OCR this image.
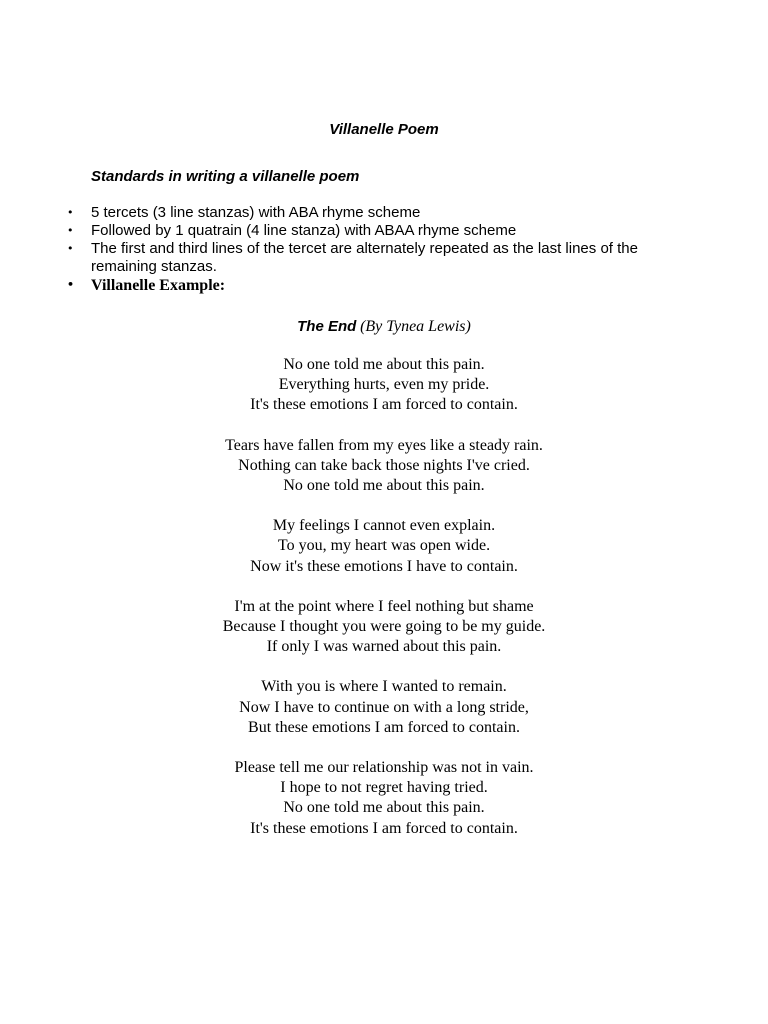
Villanelle Poem
Standards in writing a villanelle poem
• 5 tercets (3 line stanzas) with ABA rhyme scheme
• Followed by 1 quatrain (4 line stanza) with ABAA rhyme scheme
• The first and third lines of the tercet are alternately repeated as the last lines of the remaining stanzas.
• Villanelle Example:
The End (By Tynea Lewis)
No one told me about this pain.
Everything hurts, even my pride.
It's these emotions I am forced to contain.
Tears have fallen from my eyes like a steady rain.
Nothing can take back those nights I've cried.
No one told me about this pain.
My feelings I cannot even explain.
To you, my heart was open wide.
Now it's these emotions I have to contain.
I'm at the point where I feel nothing but shame
Because I thought you were going to be my guide.
If only I was warned about this pain.
With you is where I wanted to remain.
Now I have to continue on with a long stride,
But these emotions I am forced to contain.
Please tell me our relationship was not in vain.
I hope to not regret having tried.
No one told me about this pain.
It's these emotions I am forced to contain.
